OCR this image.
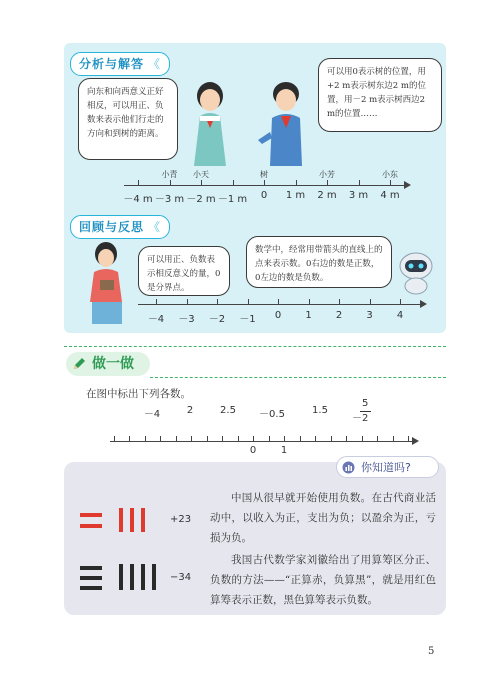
分析与解答 《
向东和向西意义正好相反，可以用正、负数来表示他们行走的方向和到树的距离。
可以用0表示树的位置，用+2 m表示树东边2 m的位置，用－2 m表示树西边2 m的位置……
－4 m －3 m －2 m －1 m 0 1 m 2 m 3 m 4 m
小青 小天	树	小芳	小东
回顾与反思 《
可以用正、负数表示相反意义的量，0是分界点。
数学中，经常用带箭头的直线上的点来表示数。0右边的数是正数，0左边的数是负数。
－4 －3 －2 －1 0 1 2 3 4
做一做
在图中标出下列各数。
－4	2	2.5 －0.5	1.5
－
5
2
0 1
你知道吗?
+23
−34
中国从很早就开始使用负数。在古代商业活动中，以收入为正，支出为负；以盈余为正，亏损为负。
我国古代数学家刘徽给出了用算筹区分正、负数的方法——“正算赤，负算黑”，就是用红色算筹表示正数，黑色算筹表示负数。
5
